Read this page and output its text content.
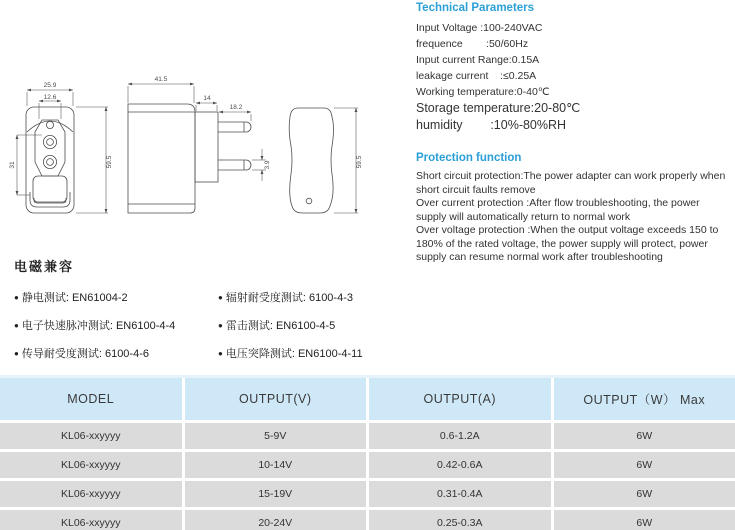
25.9
12.6
31	59.5
41.5
14
18.2
3.9	59.5
Technical Parameters
Input Voltage :100-240VAC
frequence        :50/60Hz
Input current Range:0.15A
leakage current    :≤0.25A
Working temperature:0-40℃
Storage temperature:20-80℃
humidity        :10%-80%RH
Protection function

Short circuit protection:The power adapter can work properly when short circuit faults remove

Over current protection :After flow troubleshooting, the power supply will automatically return to normal work

Over voltage protection :When the output voltage exceeds 150 to 180% of the rated voltage, the power supply will protect, power supply can resume normal work after troubleshooting

电磁兼容
● 静电测试: EN61004-2	● 辐射耐受度测试: 6100-4-3
● 电子快速脉冲测试: EN6100-4-4	● 雷击测试: EN6100-4-5
● 传导耐受度测试: 6100-4-6	● 电压突降测试: EN6100-4-11
MODEL	OUTPUT(V)	OUTPUT(A)	OUTPUT（W） Max
KL06-xxyyyy	5-9V	0.6-1.2A	6W
KL06-xxyyyy	10-14V	0.42-0.6A	6W
KL06-xxyyyy	15-19V	0.31-0.4A	6W
KL06-xxyyyy	20-24V	0.25-0.3A	6W
